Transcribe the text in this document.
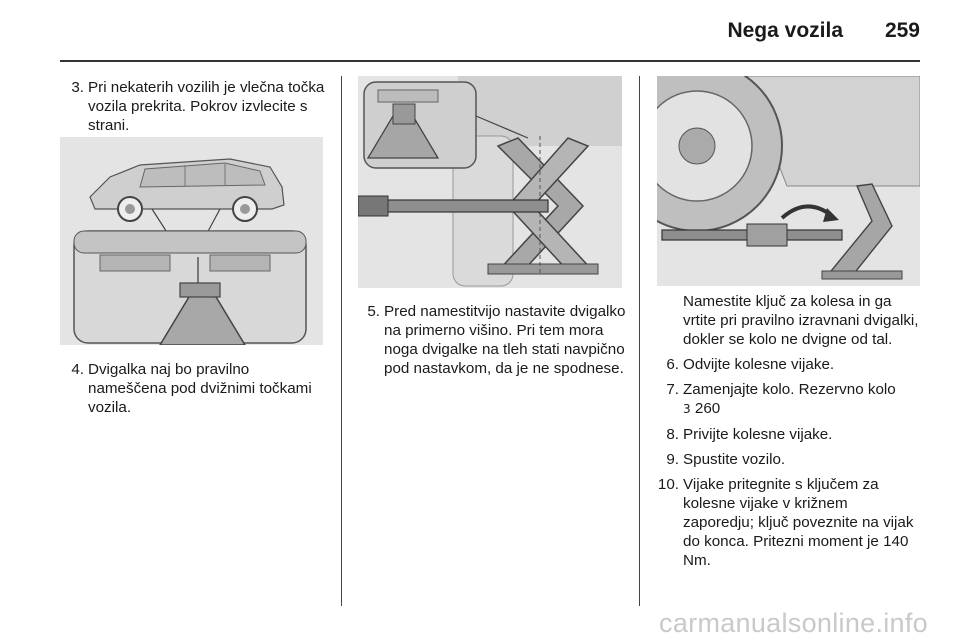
Nega vozila 259
3. Pri nekaterih vozilih je vlečna točka vozila prekrita. Pokrov izvlecite s strani.
4. Dvigalka naj bo pravilno nameščena pod dvižnimi točkami vozila.
5. Pred namestitvijo nastavite dvigalko na primerno višino. Pri tem mora noga dvigalke na tleh stati navpično pod nastavkom, da je ne spodnese.
Namestite ključ za kolesa in ga vrtite pri pravilno izravnani dvigalki, dokler se kolo ne dvigne od tal.
6. Odvijte kolesne vijake.
7. Zamenjajte kolo. Rezervno kolo
3 260
8. Privijte kolesne vijake.
9. Spustite vozilo.
10. Vijake pritegnite s ključem za kolesne vijake v križnem zaporedju; ključ poveznite na vijak do konca. Pritezni moment je 140 Nm.
carmanualsonline.info
